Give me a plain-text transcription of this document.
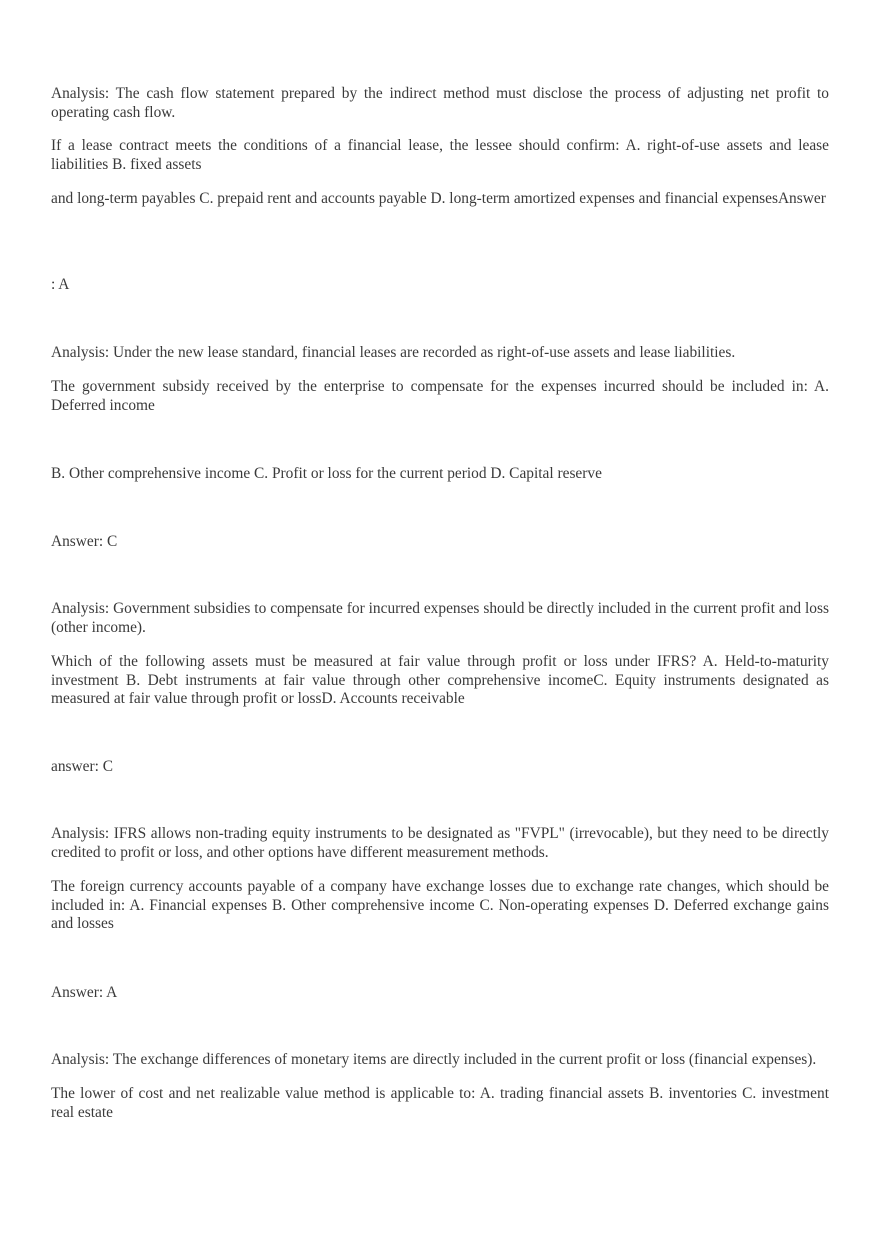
Analysis: The cash flow statement prepared by the indirect method must disclose the process of adjusting net profit to operating cash flow.

If a lease contract meets the conditions of a financial lease, the lessee should confirm: A. right-of-use assets and lease liabilities B. fixed assets

and long-term payables C. prepaid rent and accounts payable D. long-term amortized expenses and financial expensesAnswer

: A

Analysis: Under the new lease standard, financial leases are recorded as right-of-use assets and lease liabilities.

The government subsidy received by the enterprise to compensate for the expenses incurred should be included in: A. Deferred income

B. Other comprehensive income C. Profit or loss for the current period D. Capital reserve

Answer: C

Analysis: Government subsidies to compensate for incurred expenses should be directly included in the current profit and loss (other income).

Which of the following assets must be measured at fair value through profit or loss under IFRS? A. Held-to-maturity investment B. Debt instruments at fair value through other comprehensive incomeC. Equity instruments designated as measured at fair value through profit or lossD. Accounts receivable

answer: C

Analysis: IFRS allows non-trading equity instruments to be designated as "FVPL" (irrevocable), but they need to be directly credited to profit or loss, and other options have different measurement methods.

The foreign currency accounts payable of a company have exchange losses due to exchange rate changes, which should be included in: A. Financial expenses B. Other comprehensive income C. Non-operating expenses D. Deferred exchange gains and losses

Answer: A

Analysis: The exchange differences of monetary items are directly included in the current profit or loss (financial expenses).

The lower of cost and net realizable value method is applicable to: A. trading financial assets B. inventories C. investment real estate
